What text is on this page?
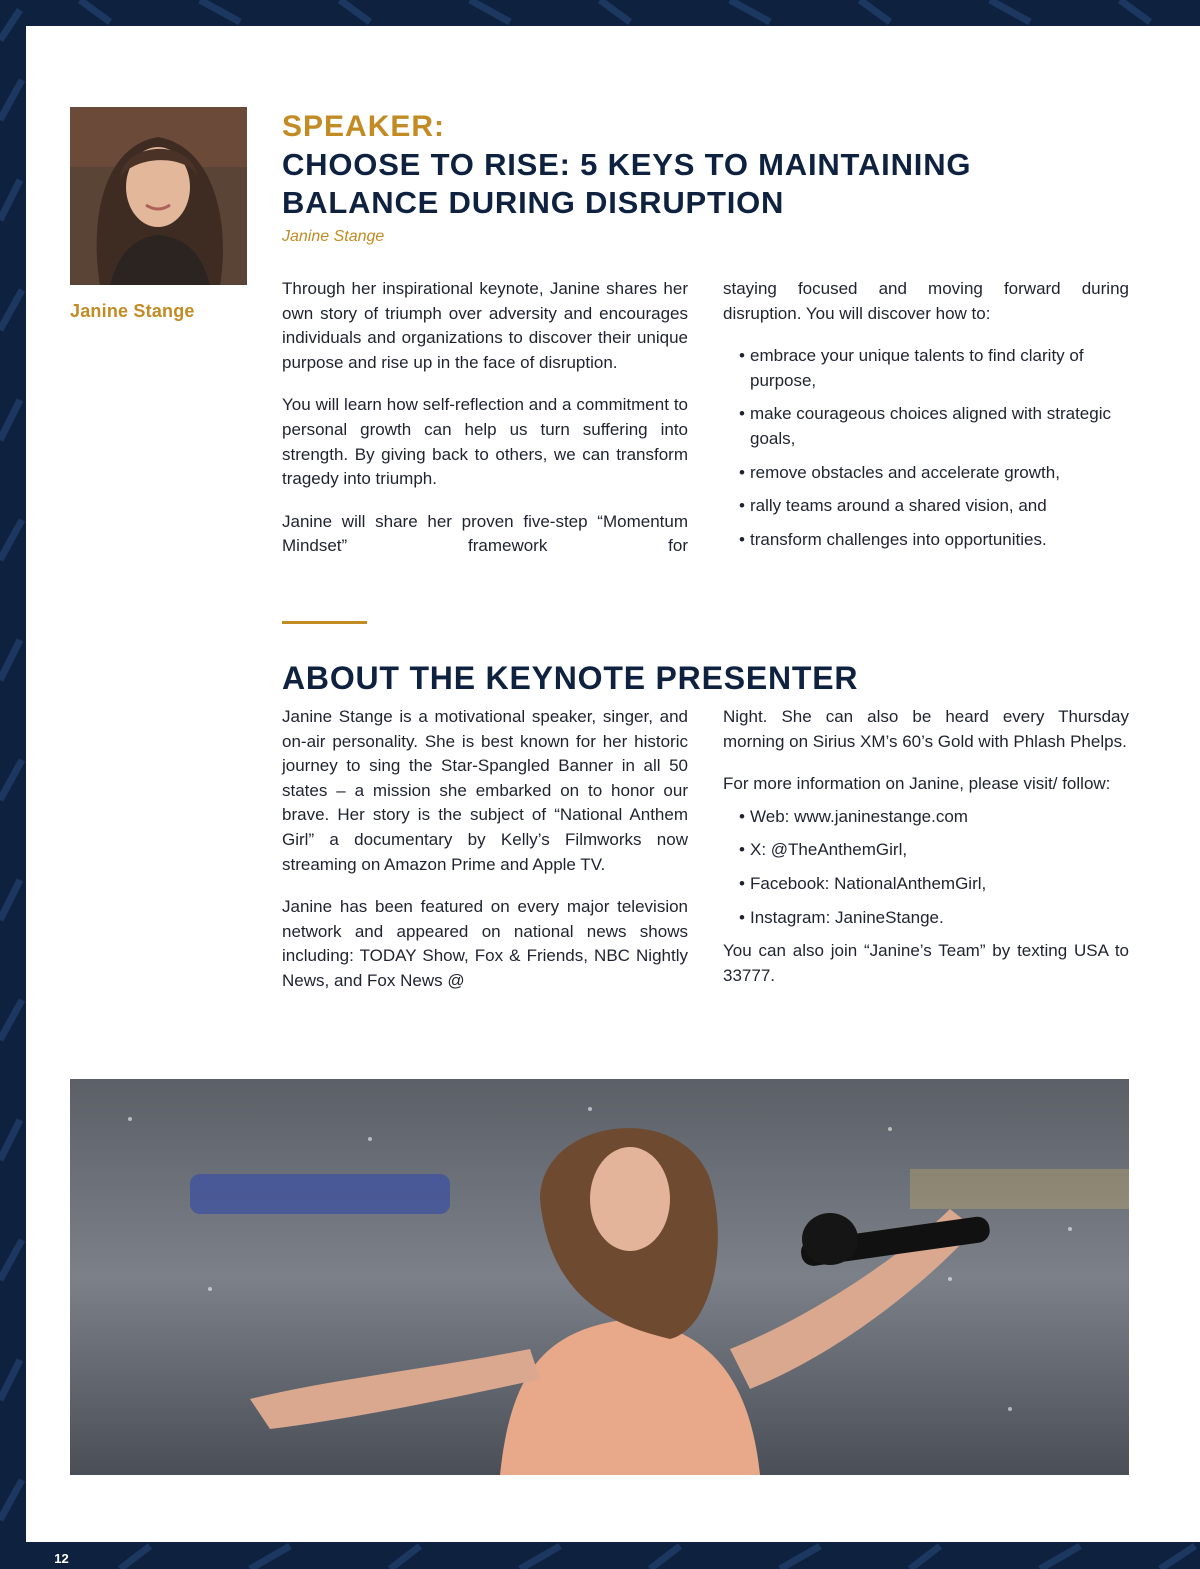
Janine Stange
SPEAKER:
CHOOSE TO RISE: 5 KEYS TO MAINTAINING BALANCE DURING DISRUPTION
Janine Stange

Through her inspirational keynote, Janine shares her own story of triumph over adversity and encourages individuals and organizations to discover their unique purpose and rise up in the face of disruption.

You will learn how self-reflection and a commitment to personal growth can help us turn suffering into strength. By giving back to others, we can transform tragedy into triumph.

Janine will share her proven five-step “Momentum Mindset” framework for

staying focused and moving forward during disruption. You will discover how to:

• embrace your unique talents to find clarity of purpose,
• make courageous choices aligned with strategic goals,
• remove obstacles and accelerate growth,
• rally teams around a shared vision, and
• transform challenges into opportunities.
ABOUT THE KEYNOTE PRESENTER

Janine Stange is a motivational speaker, singer, and on-air personality. She is best known for her historic journey to sing the Star-Spangled Banner in all 50 states – a mission she embarked on to honor our brave. Her story is the subject of “National Anthem Girl” a documentary by Kelly’s Filmworks now streaming on Amazon Prime and Apple TV.

Janine has been featured on every major television network and appeared on national news shows including: TODAY Show, Fox & Friends, NBC Nightly News, and Fox News @

Night. She can also be heard every Thursday morning on Sirius XM’s 60’s Gold with Phlash Phelps.

For more information on Janine, please visit/ follow:

• Web: www.janinestange.com
• X: @TheAnthemGirl,
• Facebook: NationalAnthemGirl,
• Instagram: JanineStange.

You can also join “Janine’s Team” by texting USA to 33777.

12
